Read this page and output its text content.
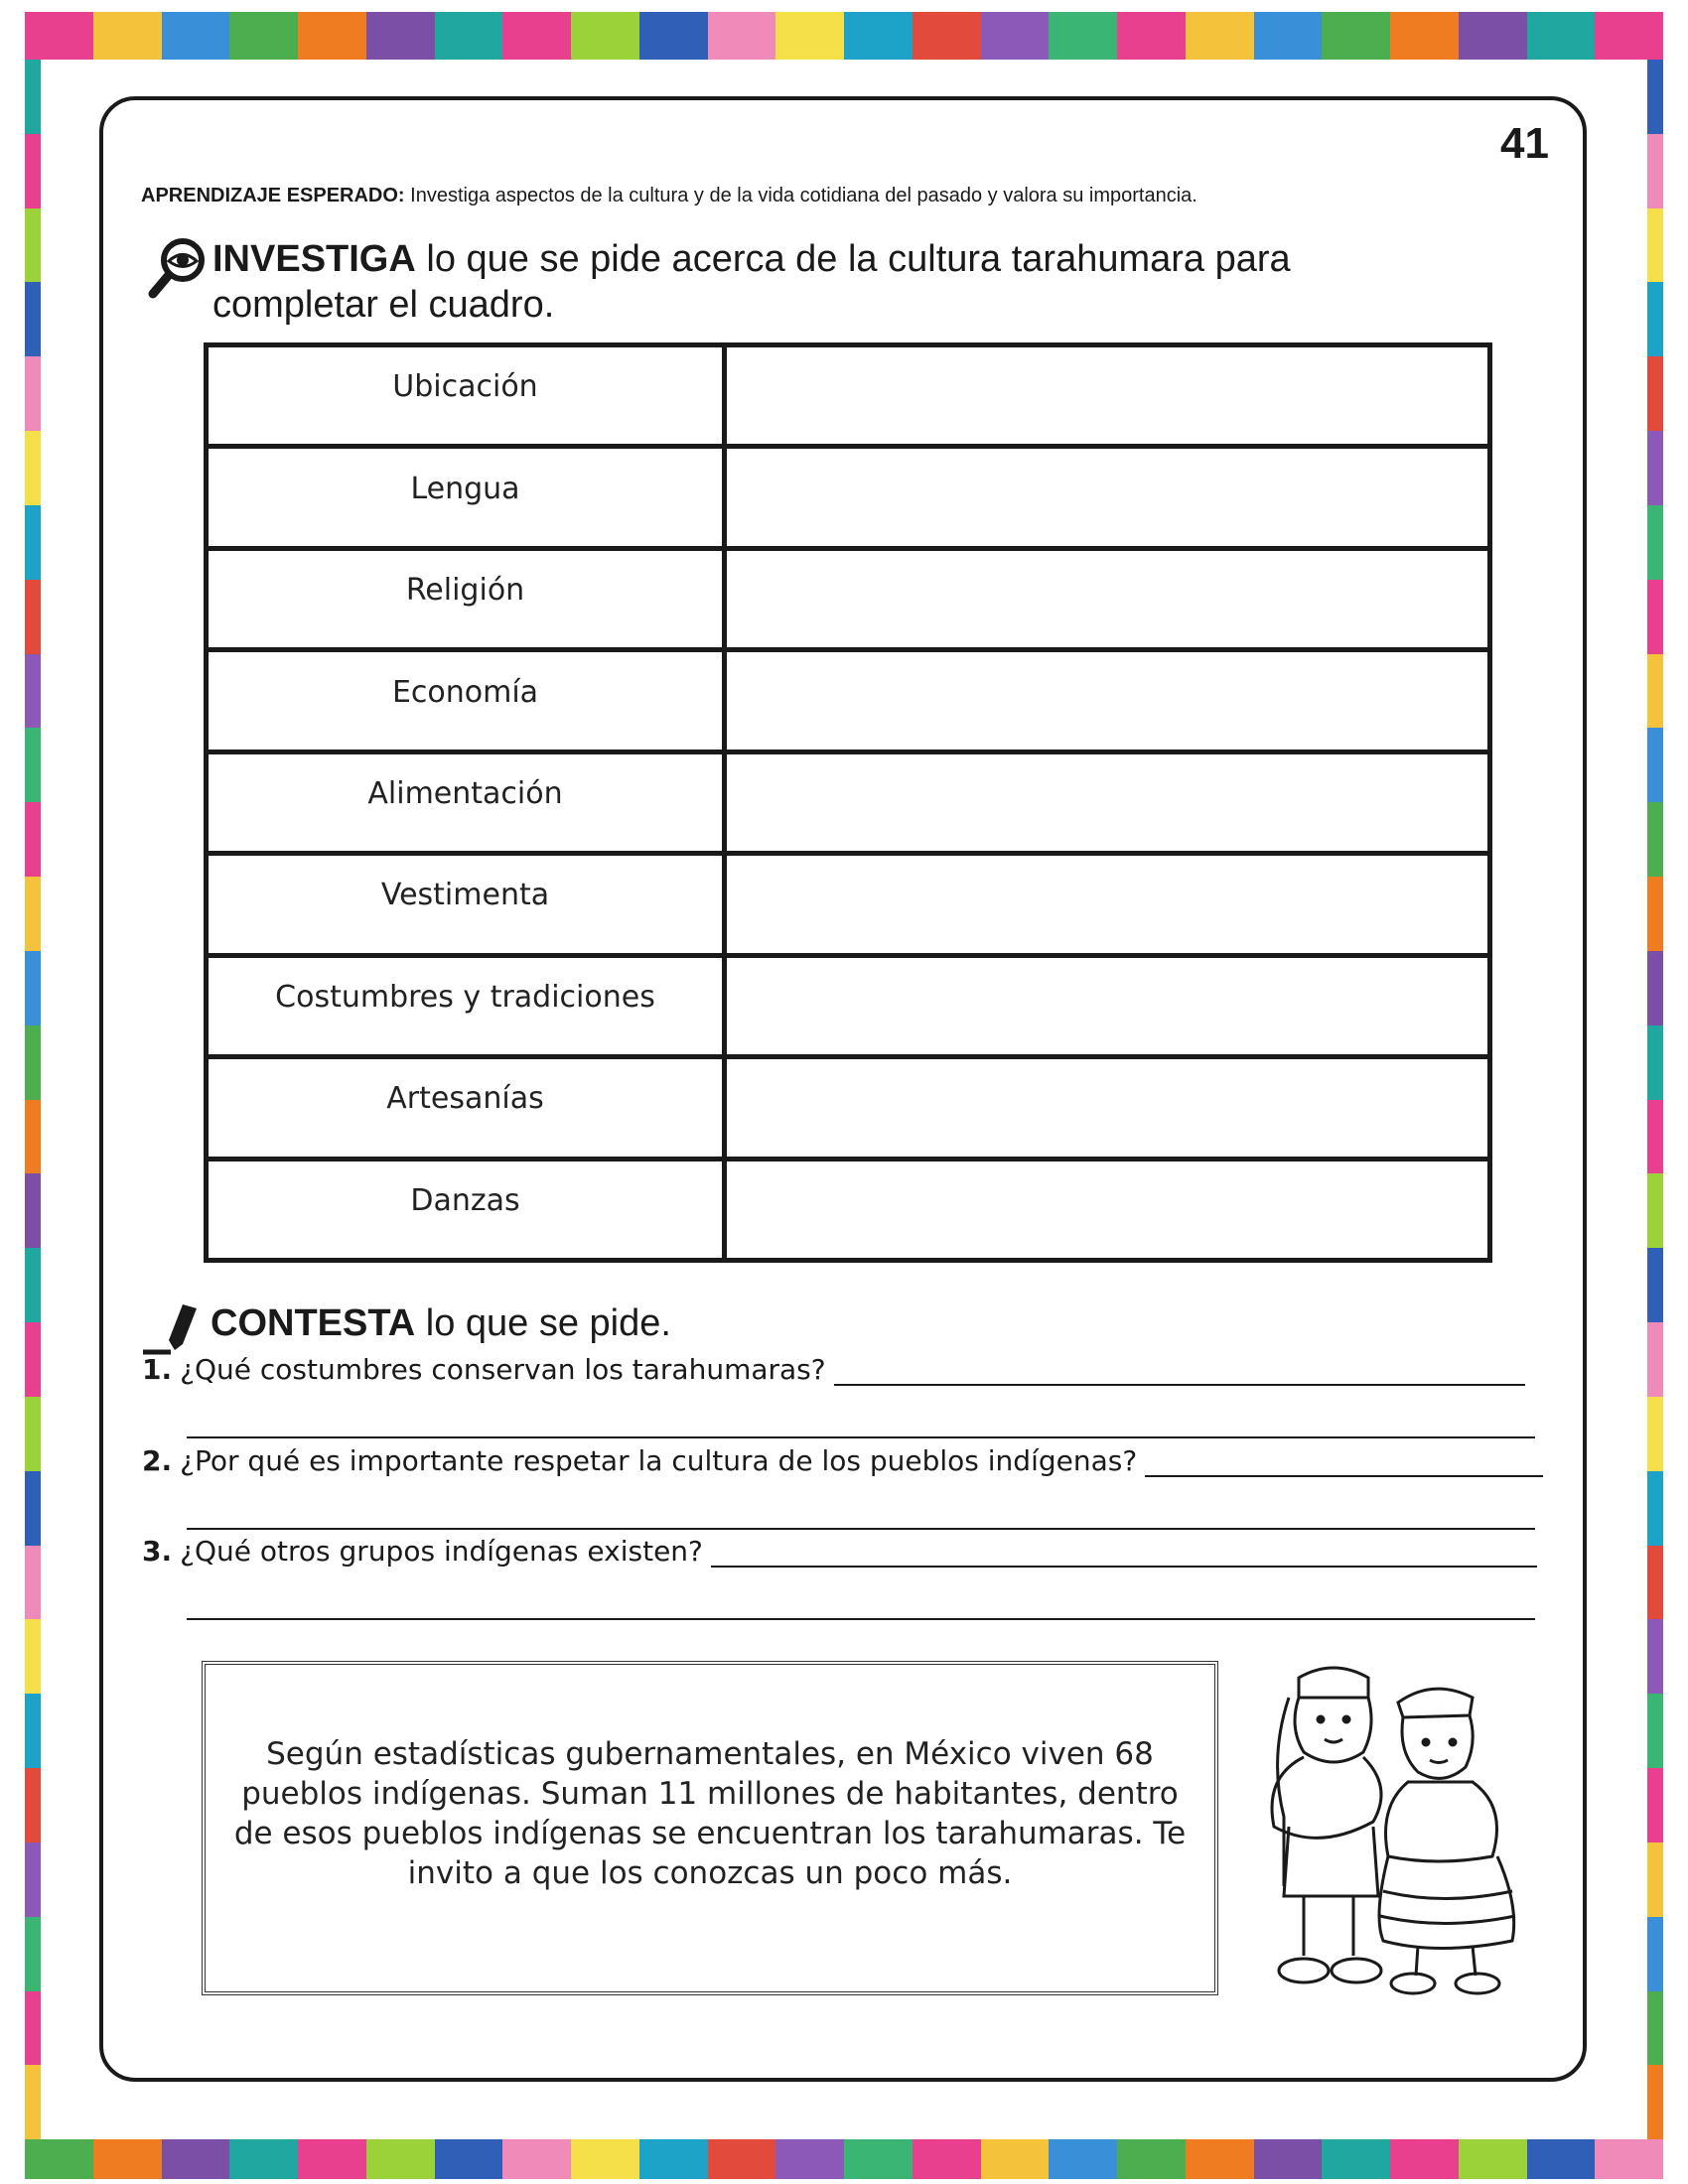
41
APRENDIZAJE ESPERADO: Investiga aspectos de la cultura y de la vida cotidiana del pasado y valora su importancia.
INVESTIGA lo que se pide acerca de la cultura tarahumara para completar el cuadro.
Ubicación	
Lengua	
Religión	
Economía	
Alimentación	
Vestimenta	
Costumbres y tradiciones	
Artesanías	
Danzas	
CONTESTA lo que se pide.
1. ¿Qué costumbres conservan los tarahumaras?
2. ¿Por qué es importante respetar la cultura de los pueblos indígenas?
3. ¿Qué otros grupos indígenas existen?

Según estadísticas gubernamentales, en México viven 68 pueblos indígenas. Suman 11 millones de habitantes, dentro de esos pueblos indígenas se encuentran los tarahumaras. Te invito a que los conozcas un poco más.
